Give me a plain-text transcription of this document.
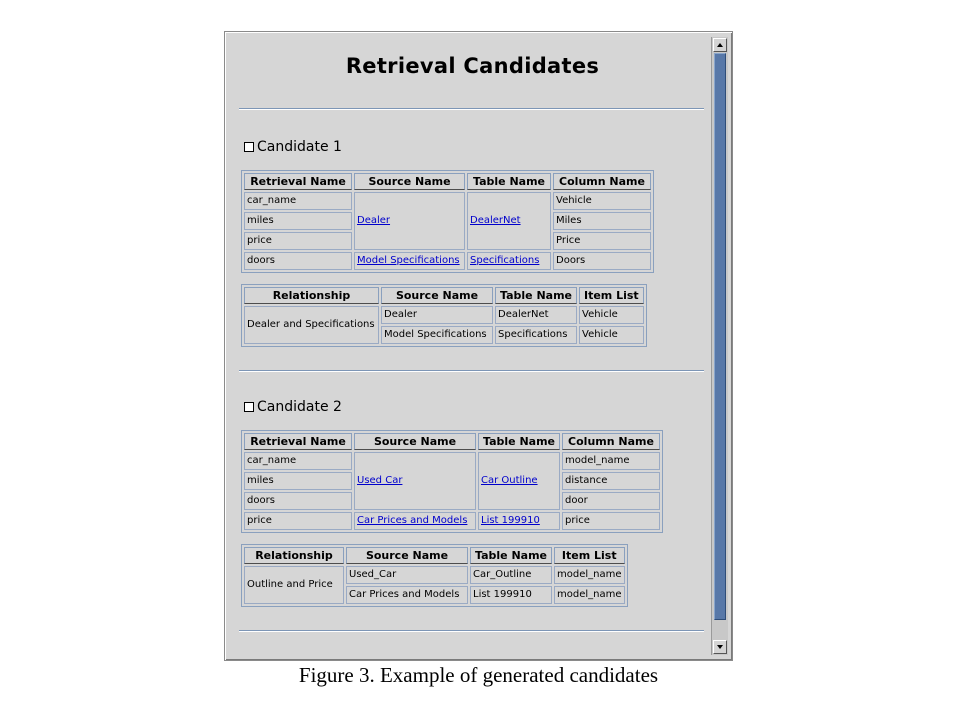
Retrieval Candidates
Candidate 1
Retrieval Name	Source Name	Table Name	Column Name
car_name	Dealer	DealerNet	Vehicle
miles			Miles
price			Price
doors	Model Specifications	Specifications	Doors
Relationship	Source Name	Table Name	Item List
Dealer and Specifications	Dealer	DealerNet	Vehicle
	Model Specifications	Specifications	Vehicle
Candidate 2
Retrieval Name	Source Name	Table Name	Column Name
car_name	Used Car	Car Outline	model_name
miles			distance
doors			door
price	Car Prices and Models	List 199910	price
Relationship	Source Name	Table Name	Item List
Outline and Price	Used_Car	Car_Outline	model_name
	Car Prices and Models	List 199910	model_name
Figure 3. Example of generated candidates
